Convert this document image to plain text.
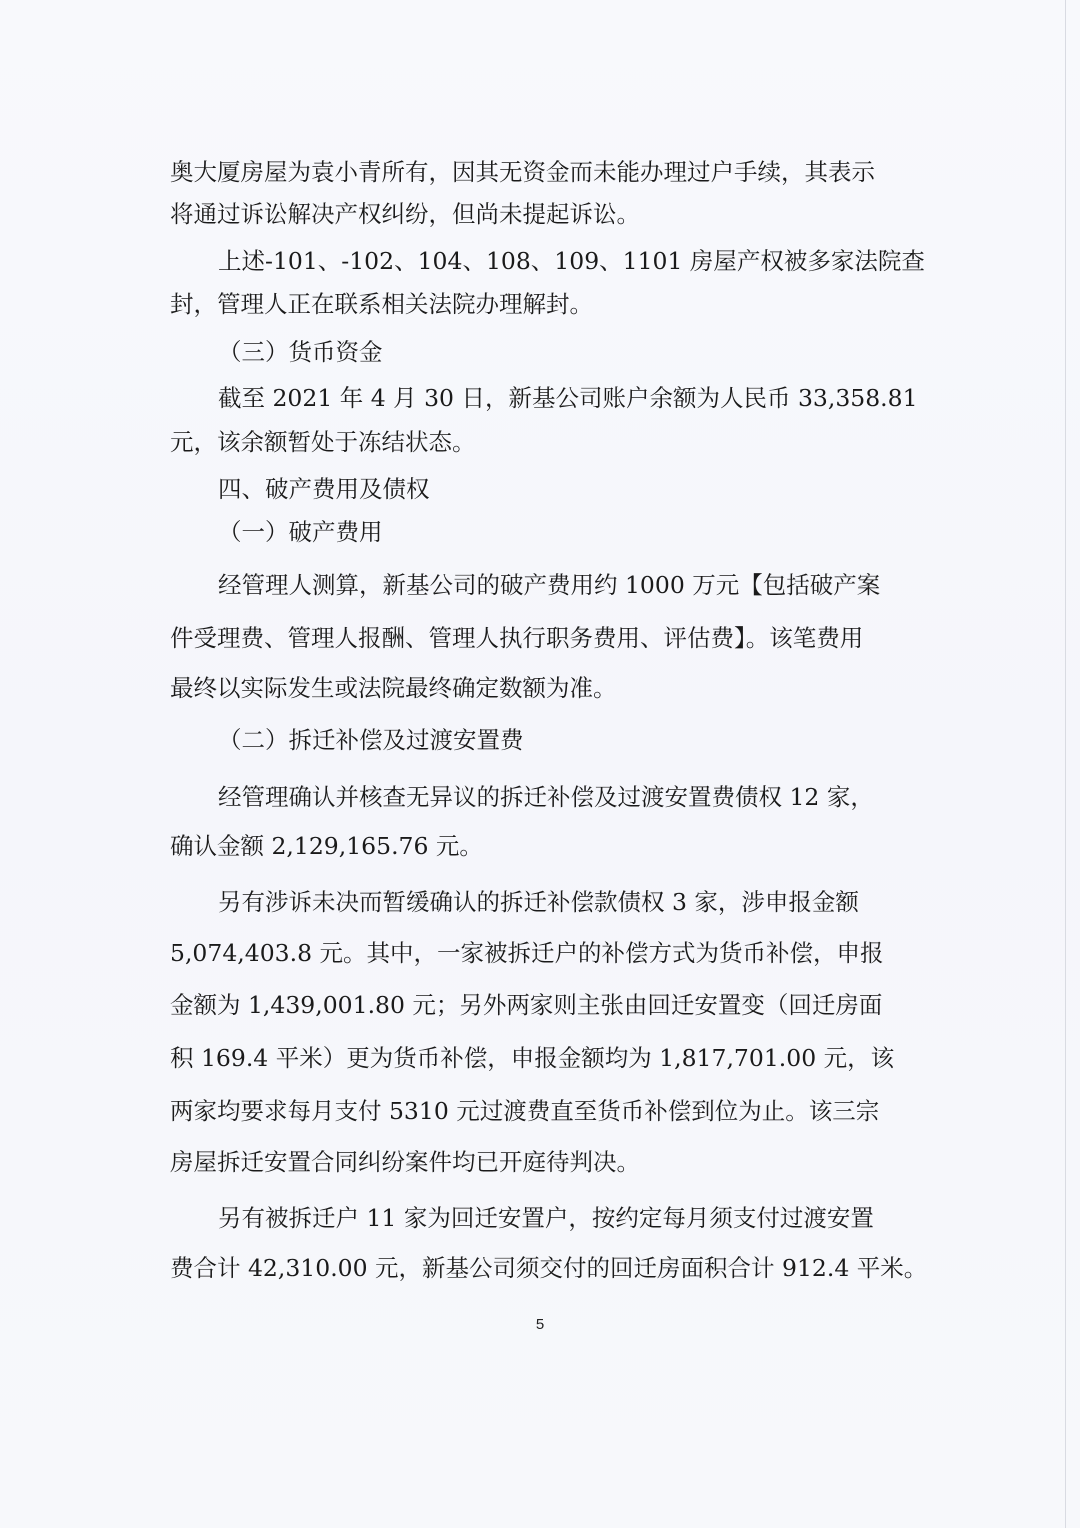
奥大厦房屋为袁小青所有，因其无资金而未能办理过户手续，其表示
将通过诉讼解决产权纠纷，但尚未提起诉讼。
上述-101、-102、104、108、109、1101 房屋产权被多家法院查
封，管理人正在联系相关法院办理解封。
（三）货币资金
截至 2021 年 4 月 30 日，新基公司账户余额为人民币 33,358.81
元，该余额暂处于冻结状态。
四、破产费用及债权
（一）破产费用
经管理人测算，新基公司的破产费用约 1000 万元【包括破产案
件受理费、管理人报酬、管理人执行职务费用、评估费】。该笔费用
最终以实际发生或法院最终确定数额为准。
（二）拆迁补偿及过渡安置费
经管理确认并核查无异议的拆迁补偿及过渡安置费债权 12 家，
确认金额 2,129,165.76 元。
另有涉诉未决而暂缓确认的拆迁补偿款债权 3 家，涉申报金额
5,074,403.8 元。其中，一家被拆迁户的补偿方式为货币补偿，申报
金额为 1,439,001.80 元；另外两家则主张由回迁安置变（回迁房面
积 169.4 平米）更为货币补偿，申报金额均为 1,817,701.00 元，该
两家均要求每月支付 5310 元过渡费直至货币补偿到位为止。该三宗
房屋拆迁安置合同纠纷案件均已开庭待判决。
另有被拆迁户 11 家为回迁安置户，按约定每月须支付过渡安置
费合计 42,310.00 元，新基公司须交付的回迁房面积合计 912.4 平米。
5
